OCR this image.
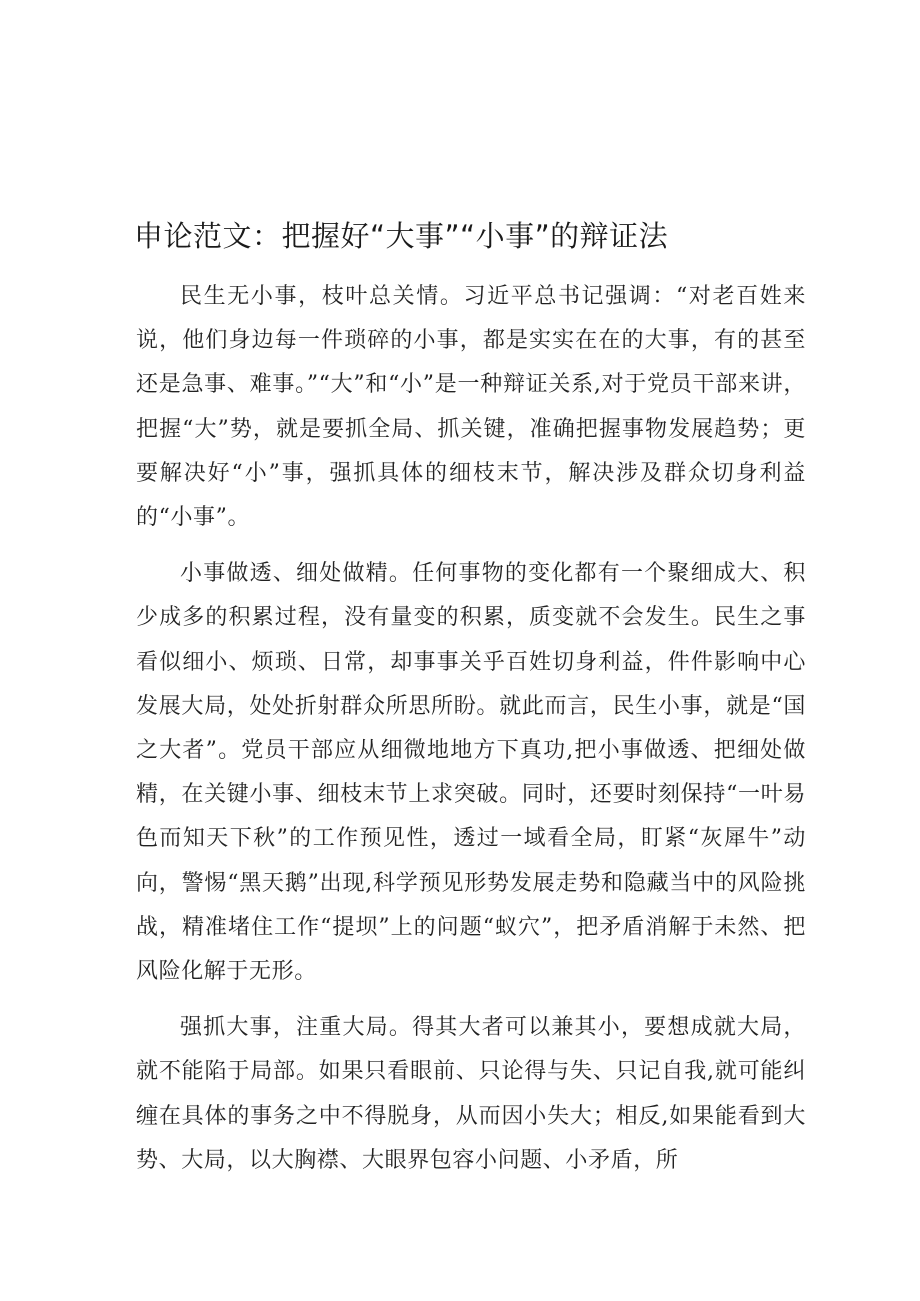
申论范文：把握好“大事”“小事”的辩证法

民生无小事，枝叶总关情。习近平总书记强调：“对老百姓来说，他们身边每一件琐碎的小事，都是实实在在的大事，有的甚至还是急事、难事。”“大”和“小”是一种辩证关系,对于党员干部来讲，把握“大”势，就是要抓全局、抓关键，准确把握事物发展趋势；更要解决好“小”事，强抓具体的细枝末节，解决涉及群众切身利益的“小事”。

小事做透、细处做精。任何事物的变化都有一个聚细成大、积少成多的积累过程，没有量变的积累，质变就不会发生。民生之事看似细小、烦琐、日常，却事事关乎百姓切身利益，件件影响中心发展大局，处处折射群众所思所盼。就此而言，民生小事，就是“国之大者”。党员干部应从细微地地方下真功,把小事做透、把细处做精，在关键小事、细枝末节上求突破。同时，还要时刻保持“一叶易色而知天下秋”的工作预见性，透过一域看全局，盯紧“灰犀牛”动向，警惕“黑天鹅”出现,科学预见形势发展走势和隐藏当中的风险挑战，精准堵住工作“提坝”上的问题“蚁穴”，把矛盾消解于未然、把风险化解于无形。

强抓大事，注重大局。得其大者可以兼其小，要想成就大局，就不能陷于局部。如果只看眼前、只论得与失、只记自我,就可能纠缠在具体的事务之中不得脱身，从而因小失大；相反,如果能看到大势、大局，以大胸襟、大眼界包容小问题、小矛盾，所
